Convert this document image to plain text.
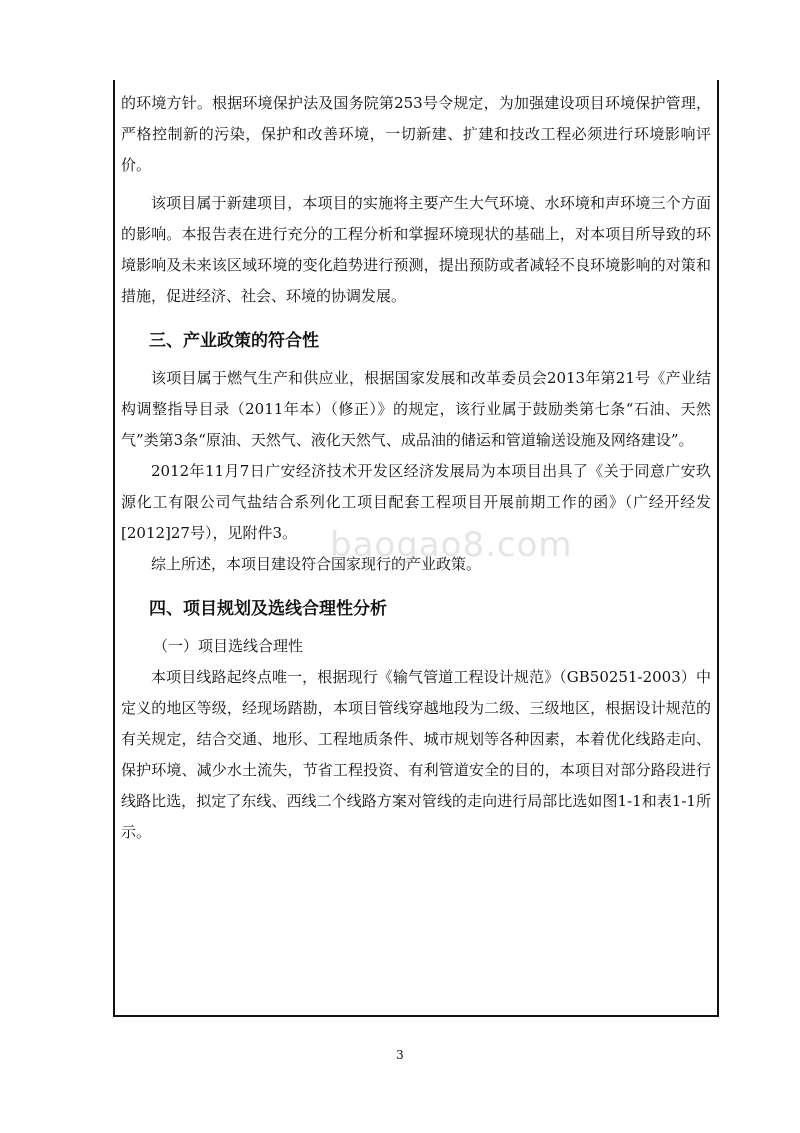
的环境方针。根据环境保护法及国务院第253号令规定，为加强建设项目环境保护管理，严格控制新的污染，保护和改善环境，一切新建、扩建和技改工程必须进行环境影响评价。

该项目属于新建项目，本项目的实施将主要产生大气环境、水环境和声环境三个方面的影响。本报告表在进行充分的工程分析和掌握环境现状的基础上，对本项目所导致的环境影响及未来该区域环境的变化趋势进行预测，提出预防或者减轻不良环境影响的对策和措施，促进经济、社会、环境的协调发展。

三、产业政策的符合性

该项目属于燃气生产和供应业，根据国家发展和改革委员会2013年第21号《产业结构调整指导目录（2011年本）（修正）》的规定，该行业属于鼓励类第七条“石油、天然气”类第3条“原油、天然气、液化天然气、成品油的储运和管道输送设施及网络建设”。

2012年11月7日广安经济技术开发区经济发展局为本项目出具了《关于同意广安玖源化工有限公司气盐结合系列化工项目配套工程项目开展前期工作的函》（广经开经发[2012]27号），见附件3。

综上所述，本项目建设符合国家现行的产业政策。

四、项目规划及选线合理性分析

（一）项目选线合理性

本项目线路起终点唯一，根据现行《输气管道工程设计规范》（GB50251-2003）中定义的地区等级，经现场踏勘，本项目管线穿越地段为二级、三级地区，根据设计规范的有关规定，结合交通、地形、工程地质条件、城市规划等各种因素，本着优化线路走向、保护环境、减少水土流失，节省工程投资、有利管道安全的目的，本项目对部分路段进行线路比选，拟定了东线、西线二个线路方案对管线的走向进行局部比选如图1-1和表1-1所示。

baogao8.com
3
